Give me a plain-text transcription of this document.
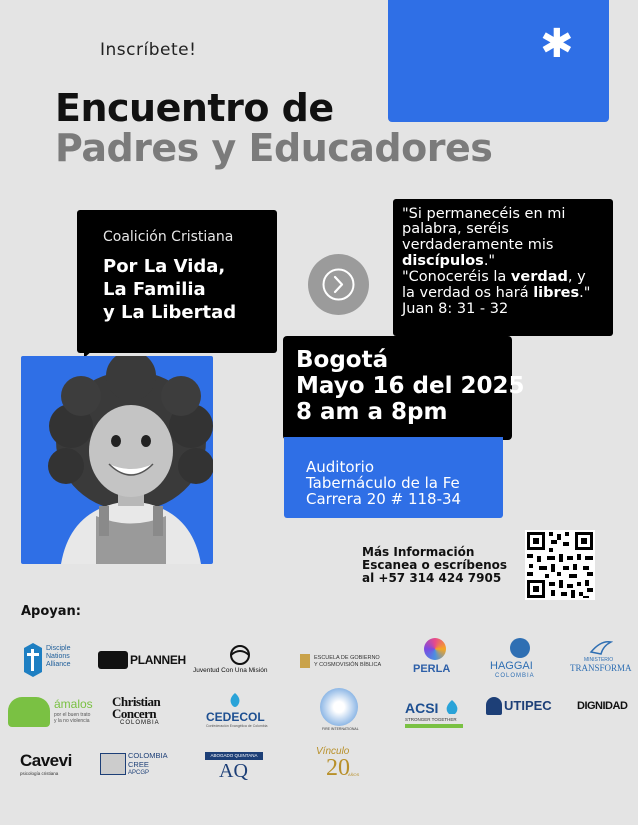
✱
Inscríbete!
Encuentro de
Padres y Educadores
Coalición Cristiana
Por La Vida,
La Familia
y La Libertad
"Si permanecéis en mi
palabra, seréis
verdaderamente mis
discípulos."
"Conoceréis la verdad, y
la verdad os hará libres."
Juan 8: 31 - 32
Bogotá
Mayo 16 del 2025
8 am a 8pm
Auditorio
Tabernáculo de la Fe
Carrera 20 # 118-34
Más Información
Escanea o escríbenos
al +57 314 424 7905
Apoyan:
Disciple
Nations
Alliance	PLANNEH
Juventud Con Una Misión
ESCUELA DE GOBIERNO
Y COSMOVISIÓN BÍBLICA	PERLA	HAGGAI
COLOMBIA
MINISTERIO
TRANSFORMA
ámalos
por el buen trato
y la no violencia
Christian
Concern
COLOMBIA	CEDECOL
Confederación Evangélica de Colombia
FIRE INTERNATIONAL
ACSI
STRONGER TOGETHER
UTIPEC DIGNIDAD
Cavevi
psicología cristiana
COLOMBIA
CREE
APCGP
ABOGADO QUINTANA
AQ
Vínculo
20
AÑOS
